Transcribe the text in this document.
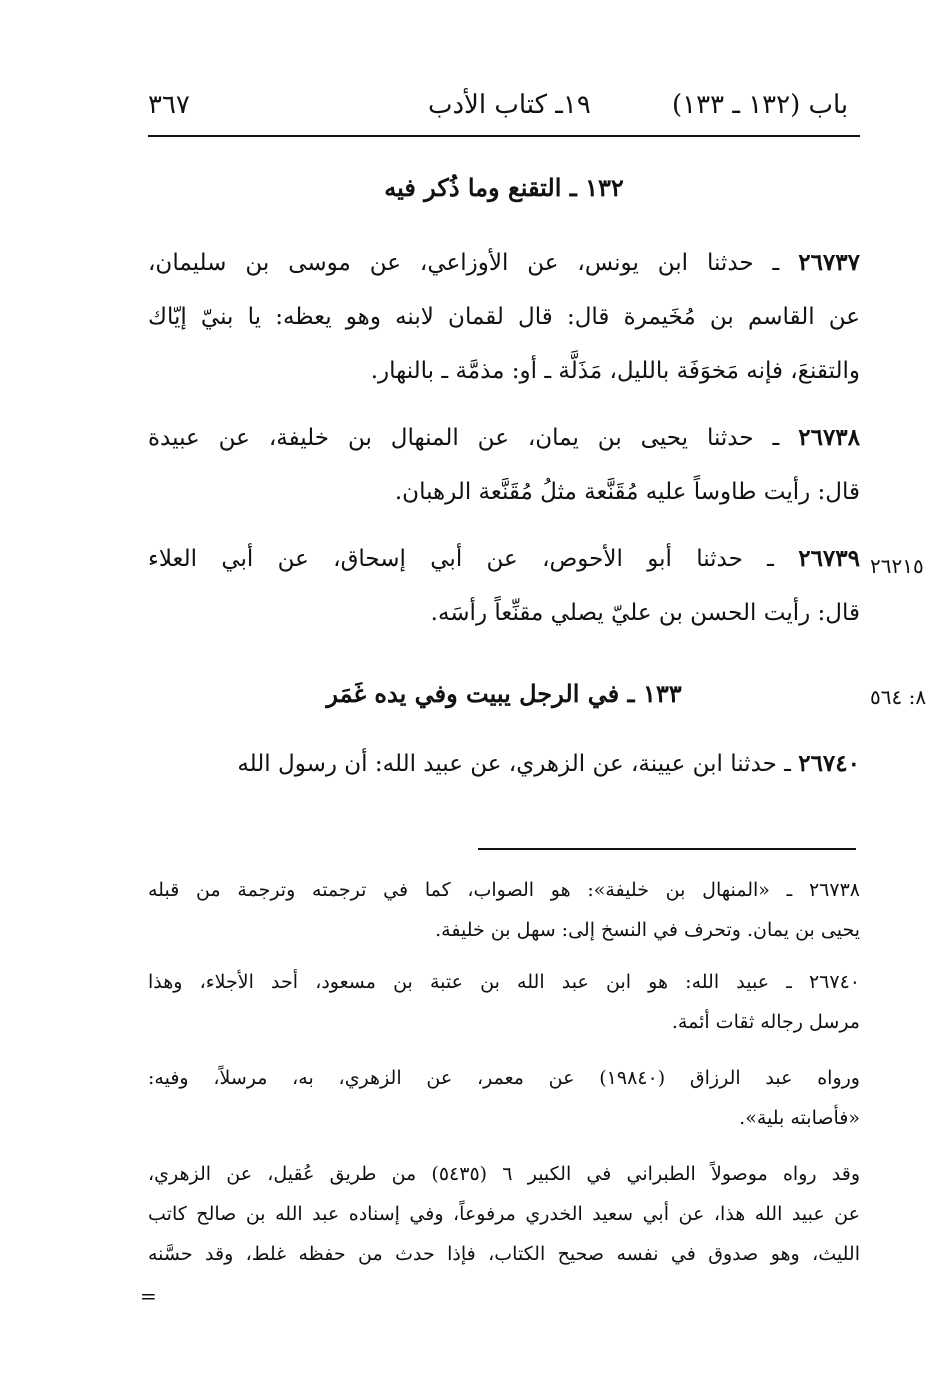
٣٦٧	١٩ـ كتاب الأدب	باب (١٣٢ ـ ١٣٣)
١٣٢ ـ التقنع وما ذُكر فيه
٢٦٧٣٧ ـ حدثنا ابن يونس، عن الأوزاعي، عن موسى بن سليمان،
عن القاسم بن مُخَيمرة قال: قال لقمان لابنه وهو يعظه: يا بنيّ إيّاك
والتقنعَ، فإنه مَخوَفَة بالليل، مَذَلَّة ـ أو: مذمَّة ـ بالنهار.
٢٦٧٣٨ ـ حدثنا يحيى بن يمان، عن المنهال بن خليفة، عن عبيدة
قال: رأيت طاوساً عليه مُقَنَّعة مثلُ مُقَنَّعة الرهبان.
٢٦٢١٥
٢٦٧٣٩ ـ حدثنا أبو الأحوص، عن أبي إسحاق، عن أبي العلاء
قال: رأيت الحسن بن عليّ يصلي مقنِّعاً رأسَه.
٨: ٥٦٤
١٣٣ ـ في الرجل يبيت وفي يده غَمَر
٢٦٧٤٠ ـ حدثنا ابن عيينة، عن الزهري، عن عبيد الله: أن رسول الله
٢٦٧٣٨ ـ «المنهال بن خليفة»: هو الصواب، كما في ترجمته وترجمة من قبله
يحيى بن يمان. وتحرف في النسخ إلى: سهل بن خليفة.
٢٦٧٤٠ ـ عبيد الله: هو ابن عبد الله بن عتبة بن مسعود، أحد الأجلاء، وهذا
مرسل رجاله ثقات أئمة.
ورواه عبد الرزاق (١٩٨٤٠) عن معمر، عن الزهري، به، مرسلاً، وفيه:
«فأصابته بلية».
وقد رواه موصولاً الطبراني في الكبير ٦ (٥٤٣٥) من طريق عُقيل، عن الزهري،
عن عبيد الله هذا، عن أبي سعيد الخدري مرفوعاً، وفي إسناده عبد الله بن صالح كاتب
الليث، وهو صدوق في نفسه صحيح الكتاب، فإذا حدث من حفظه غلط، وقد حسَّنه
=
